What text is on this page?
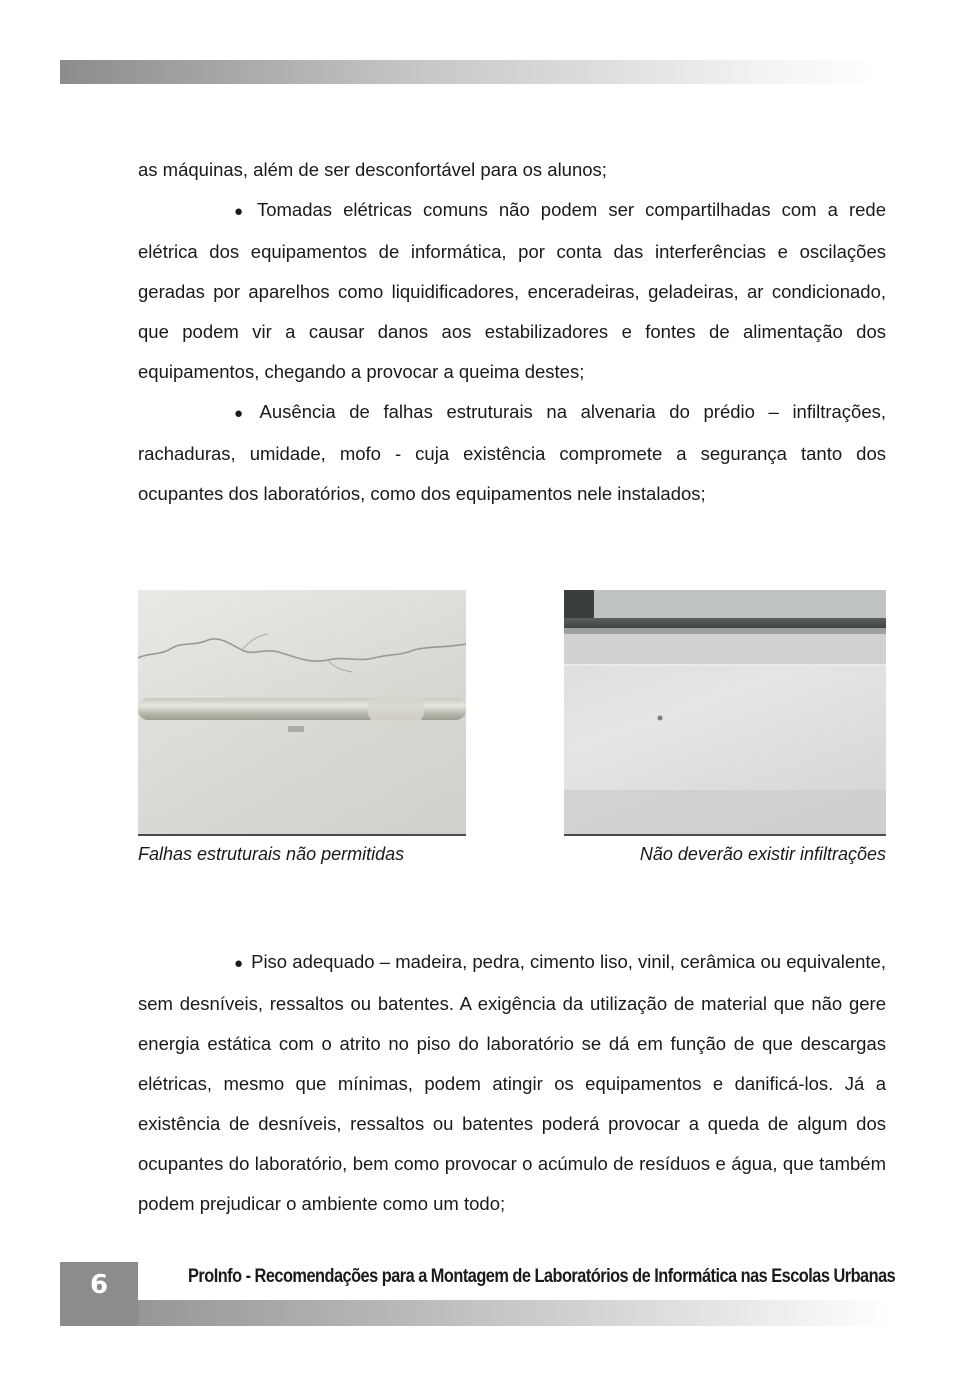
as máquinas, além de ser desconfortável para os alunos;

● Tomadas elétricas comuns não podem ser compartilhadas com a rede elétrica dos equipamentos de informática, por conta das interferências e oscilações geradas por aparelhos como liquidificadores, enceradeiras, geladeiras, ar condicionado, que podem vir a causar danos aos estabilizadores e fontes de alimentação dos equipamentos, chegando a provocar a queima destes;

● Ausência de falhas estruturais na alvenaria do prédio – infiltrações, rachaduras, umidade, mofo - cuja existência compromete a segurança tanto dos ocupantes dos laboratórios, como dos equipamentos nele instalados;

Falhas estruturais não permitidas	Não deverão existir infiltrações

● Piso adequado – madeira, pedra, cimento liso, vinil, cerâmica ou equivalente, sem desníveis, ressaltos ou batentes. A exigência da utilização de material que não gere energia estática com o atrito no piso do laboratório se dá em função de que descargas elétricas, mesmo que mínimas, podem atingir os equipamentos e danificá-los. Já a existência de desníveis, ressaltos ou batentes poderá provocar a queda de algum dos ocupantes do laboratório, bem como provocar o acúmulo de resíduos e água, que também podem prejudicar o ambiente como um todo;

6	ProInfo - Recomendações para a Montagem de Laboratórios de Informática nas Escolas Urbanas
